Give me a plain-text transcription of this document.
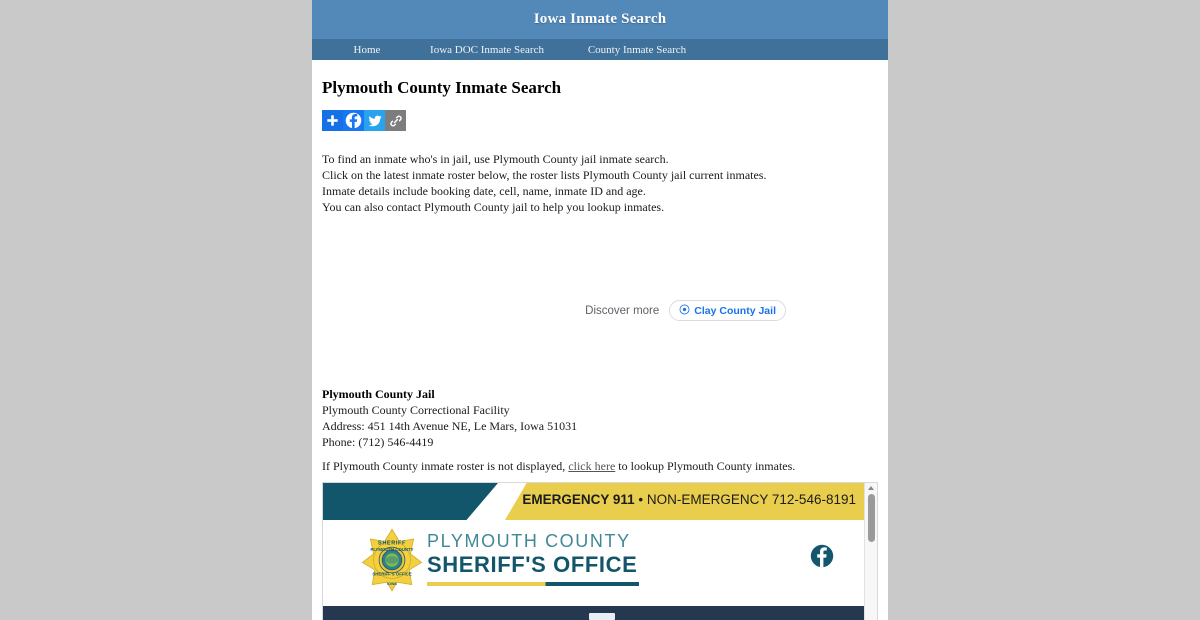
Iowa Inmate Search
Home	Iowa DOC Inmate Search	County Inmate Search
Plymouth County Inmate Search

To find an inmate who's in jail, use Plymouth County jail inmate search.

Click on the latest inmate roster below, the roster lists Plymouth County jail current inmates.

Inmate details include booking date, cell, name, inmate ID and age.

You can also contact Plymouth County jail to help you lookup inmates.

Discover more	Clay County Jail
Plymouth County Jail
Plymouth County Correctional Facility
Address: 451 14th Avenue NE, Le Mars, Iowa 51031
Phone: (712) 546-4419
If Plymouth County inmate roster is not displayed, click here to lookup Plymouth County inmates.
EMERGENCY 911 • NON-EMERGENCY 712-546-8191
SHERIFF
PLYMOUTH COUNTY
SHERIFF'S OFFICE
IOWA
PLYMOUTH COUNTY
SHERIFF'S OFFICE
